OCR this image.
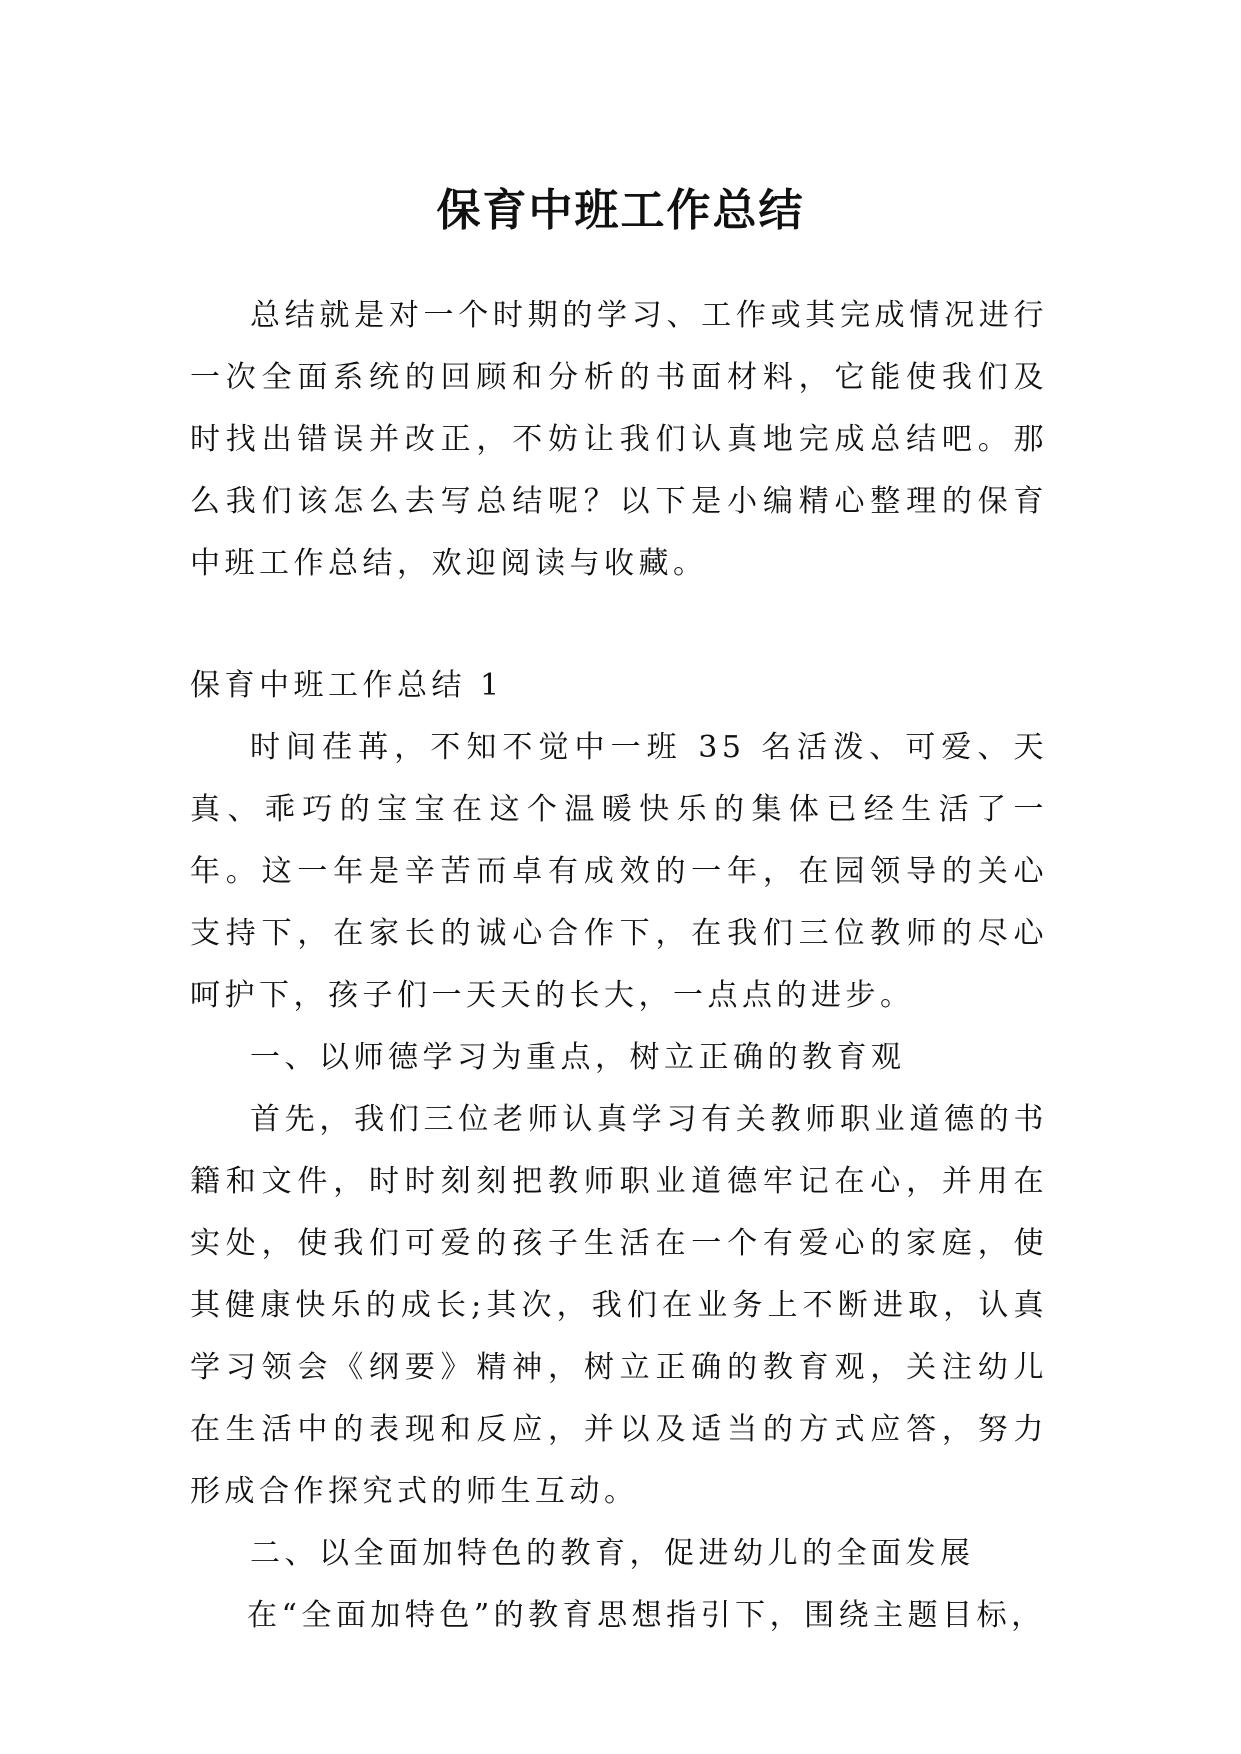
保育中班工作总结

总结就是对一个时期的学习、工作或其完成情况进行一次全面系统的回顾和分析的书面材料，它能使我们及时找出错误并改正，不妨让我们认真地完成总结吧。那么我们该怎么去写总结呢？以下是小编精心整理的保育中班工作总结，欢迎阅读与收藏。

保育中班工作总结 1

时间荏苒，不知不觉中一班 35 名活泼、可爱、天真、乖巧的宝宝在这个温暖快乐的集体已经生活了一年。这一年是辛苦而卓有成效的一年，在园领导的关心支持下，在家长的诚心合作下，在我们三位教师的尽心呵护下，孩子们一天天的长大，一点点的进步。

一、以师德学习为重点，树立正确的教育观

首先，我们三位老师认真学习有关教师职业道德的书籍和文件，时时刻刻把教师职业道德牢记在心，并用在实处，使我们可爱的孩子生活在一个有爱心的家庭，使其健康快乐的成长;其次，我们在业务上不断进取，认真学习领会《纲要》精神，树立正确的教育观，关注幼儿在生活中的表现和反应，并以及适当的方式应答，努力形成合作探究式的师生互动。

二、以全面加特色的教育，促进幼儿的全面发展

在“全面加特色”的教育思想指引下，围绕主题目标，
